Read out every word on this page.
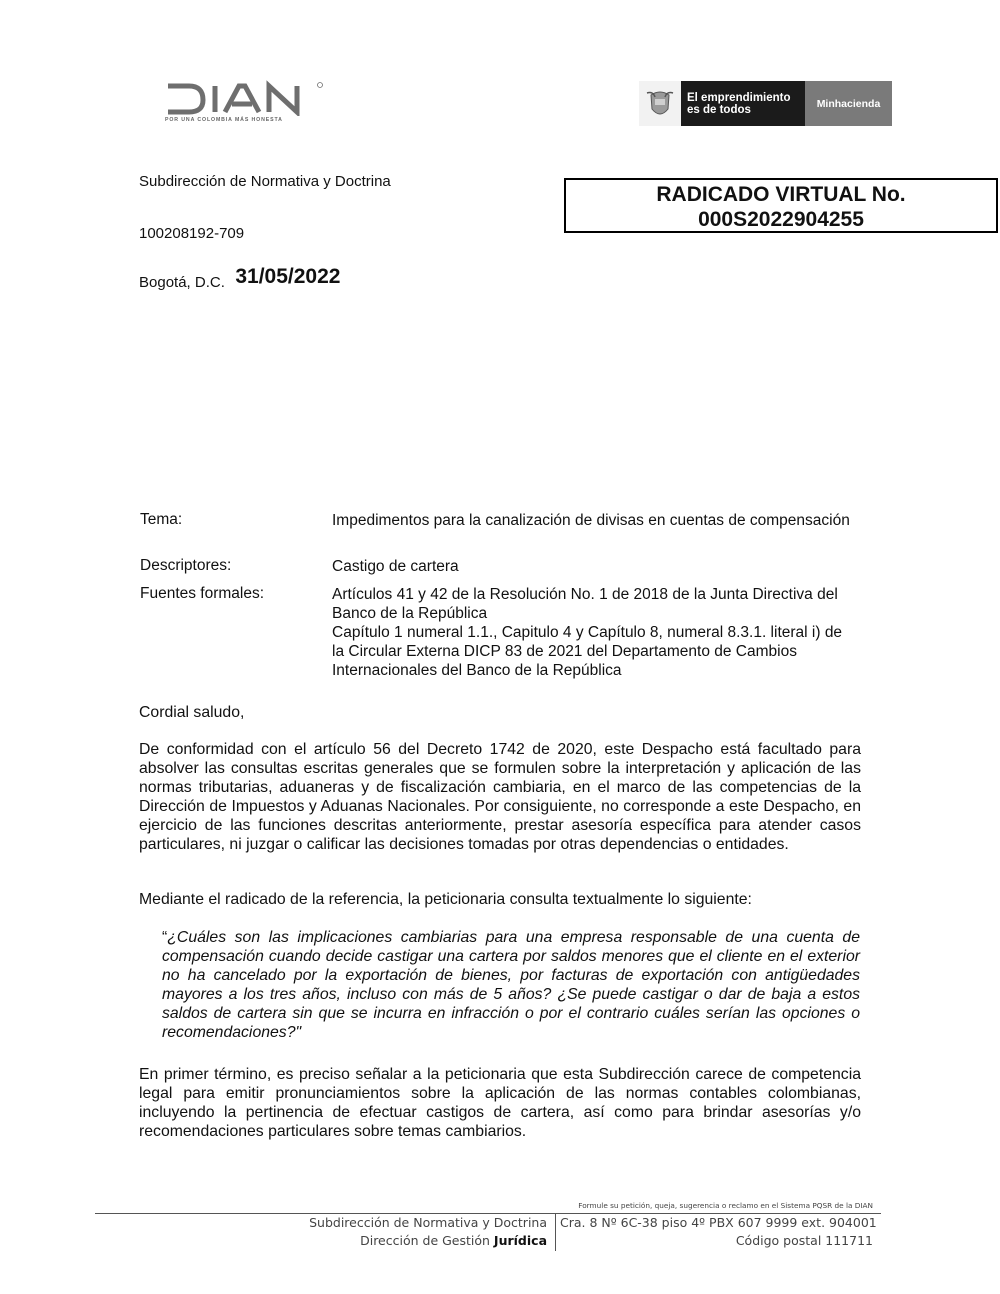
POR UNA COLOMBIA MÁS HONESTA
El emprendimiento
es de todos	Minhacienda
Subdirección de Normativa y Doctrina
100208192-709
Bogotá, D.C. 31/05/2022
RADICADO VIRTUAL No.
000S2022904255
Tema:	Impedimentos para la canalización de divisas en cuentas de compensación
Descriptores:	Castigo de cartera
Fuentes formales:	Artículos 41 y 42 de la Resolución No. 1 de 2018 de la Junta Directiva del Banco de la República
Capítulo 1 numeral 1.1., Capitulo 4 y Capítulo 8, numeral 8.3.1. literal i) de la Circular Externa DICP 83 de 2021 del Departamento de Cambios Internacionales del Banco de la República
Cordial saludo,
De conformidad con el artículo 56 del Decreto 1742 de 2020, este Despacho está facultado para absolver las consultas escritas generales que se formulen sobre la interpretación y aplicación de las normas tributarias, aduaneras y de fiscalización cambiaria, en el marco de las competencias de la Dirección de Impuestos y Aduanas Nacionales. Por consiguiente, no corresponde a este Despacho, en ejercicio de las funciones descritas anteriormente, prestar asesoría específica para atender casos particulares, ni juzgar o calificar las decisiones tomadas por otras dependencias o entidades.
Mediante el radicado de la referencia, la peticionaria consulta textualmente lo siguiente:
“¿Cuáles son las implicaciones cambiarias para una empresa responsable de una cuenta de compensación cuando decide castigar una cartera por saldos menores que el cliente en el exterior no ha cancelado por la exportación de bienes, por facturas de exportación con antigüedades mayores a los tres años, incluso con más de 5 años? ¿Se puede castigar o dar de baja a estos saldos de cartera sin que se incurra en infracción o por el contrario cuáles serían las opciones o recomendaciones?"
En primer término, es preciso señalar a la peticionaria que esta Subdirección carece de competencia legal para emitir pronunciamientos sobre la aplicación de las normas contables colombianas, incluyendo la pertinencia de efectuar castigos de cartera, así como para brindar asesorías y/o recomendaciones particulares sobre temas cambiarios.
Formule su petición, queja, sugerencia o reclamo en el Sistema PQSR de la DIAN
Subdirección de Normativa y Doctrina
Dirección de Gestión Jurídica
Cra. 8 Nº 6C-38 piso 4º PBX 607 9999 ext. 904001
Código postal 111711
